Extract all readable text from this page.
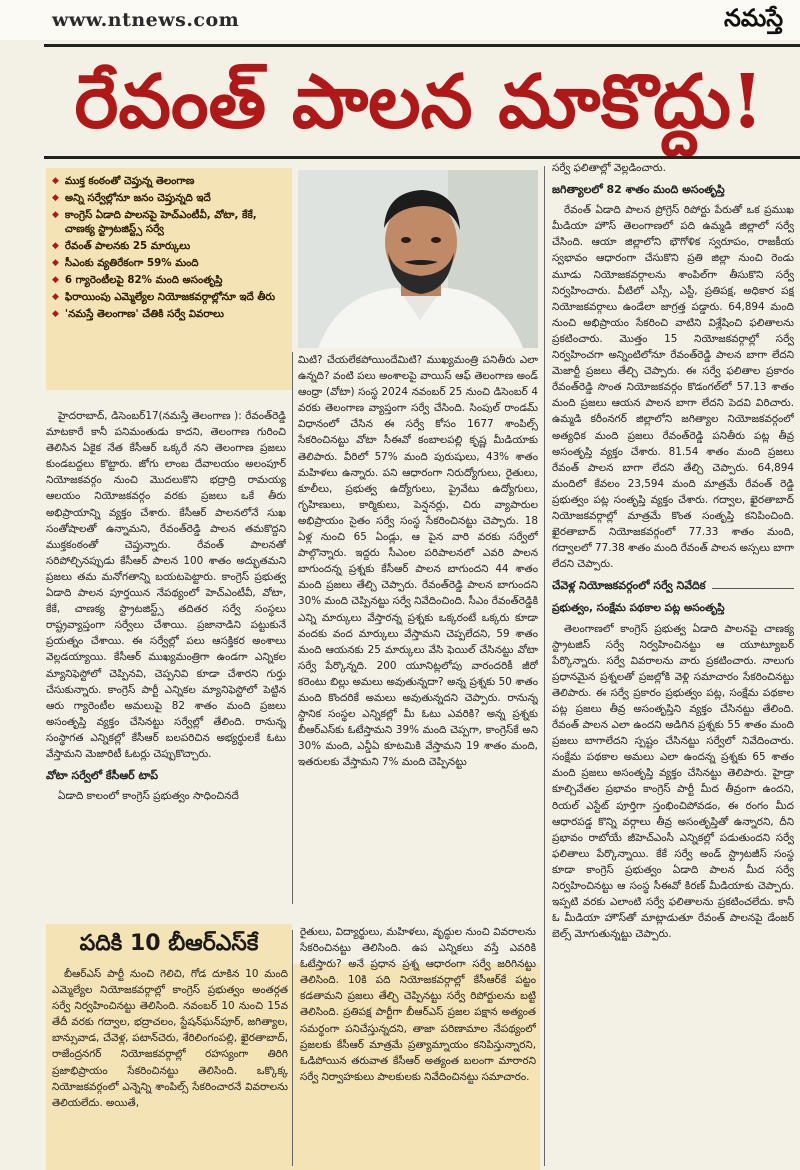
www.ntnews.com	నమస్తే
రేవంత్ పాలన మాకొద్దు!
◆ ముక్త కంఠంతో చెప్తున్న తెలంగాణ
◆ అన్ని సర్వేల్లోనూ జనం చెప్తున్నది ఇదే
◆ కాంగ్రెస్ ఏడాది పాలనపై హెచ్ఎంటీవీ, వోటా, కేకే, చాణక్య స్ట్రాటజిస్ట్స్ సర్వే
◆ రేవంత్ పాలనకు 25 మార్కులు
◆ సీఎంకు వ్యతిరేకంగా 59% మంది
◆ 6 గ్యారెంటీలపై 82% మంది అసంతృప్తి
◆ ఫిరాయింపు ఎమ్మెల్యేల నియోజకవర్గాల్లోనూ ఇదే తీరు
◆ 'నమస్తే తెలంగాణ' చేతికి సర్వే వివరాలు

హైదరాబాద్, డిసెంబర్17(నమస్తే తెలంగాణ ): రేవంత్‌రెడ్డి మాటకారే కానీ పనిమంతుడు కాదని, తెలంగాణ గురించి తెలిసిన ఏకైక నేత కేసీఆర్ ఒక్కరే నని తెలంగాణ ప్రజలు కుండబద్దలు కొట్టారు. జోగు లాంబ దేవాలయం అలంపూర్ నియోజకవర్గం నుంచి మొదలుకొని భద్రాద్రి రామయ్య ఆలయం నియోజకవర్గం వరకు ప్రజలు ఒకే తీరు అభిప్రాయాన్ని వ్యక్తం చేశారు. కేసీఆర్ పాలనలోనే సుఖ సంతోషాలతో ఉన్నామని, రేవంత్‌రెడ్డి పాలన తమకొద్దని ముక్తకంఠంతో చెప్తున్నారు. రేవంత్ పాలనతో సరిపోల్చినప్పుడు కేసీఆర్ పాలన 100 శాతం అద్భుతమని ప్రజలు తమ మనోగతాన్ని బయటపెట్టారు. కాంగ్రెస్ ప్రభుత్వ ఏడాది పాలన పూర్తయిన నేపథ్యంలో హెచ్ఎంటీవీ, వోటా, కేకే, చాణక్య స్ట్రాటజిస్ట్స్ తదితర సర్వే సంస్థలు రాష్ట్రవ్యాప్తంగా సర్వేలు చేశాయి. ప్రజానాడిని పట్టుకునే ప్రయత్నం చేశాయి. ఈ సర్వేల్లో పలు ఆసక్తికర అంశాలు వెల్లడయ్యాయి. కేసీఆర్ ముఖ్యమంత్రిగా ఉండగా ఎన్నికల మ్యానిఫెస్టోలో చెప్పినవి, చెప్పనివి కూడా చేశారని గుర్తు చేసుకున్నారు. కాంగ్రెస్ పార్టీ ఎన్నికల మ్యానిఫెస్టోలో పెట్టిన ఆరు గ్యారెంటీల అమలుపై 82 శాతం మంది ప్రజలు అసంతృప్తి వ్యక్తం చేసినట్టు సర్వేల్లో తేలింది. రానున్న సంస్థాగత ఎన్నికల్లో కేసీఆర్ బలపరిచిన అభ్యర్థులకే ఓటు వేస్తామని మెజారిటీ ఓటర్లు చెప్పుకొచ్చారు.

వోటా సర్వేలో కేసీఆర్ టాప్

ఏడాది కాలంలో కాంగ్రెస్ ప్రభుత్వం సాధించినదే

మిటి? చేయలేకపోయిందేమిటి? ముఖ్యమంత్రి పనితీరు ఎలా ఉన్నది? వంటి పలు అంశాలపై వాయిస్ ఆఫ్ తెలంగాణ అండ్ ఆంధ్రా (వోటా) సంస్థ 2024 నవంబర్ 25 నుంచి డిసెంబర్ 4 వరకు తెలంగాణ వ్యాప్తంగా సర్వే చేసింది. సింపుల్ రాండమ్ విధానంలో చేసిన ఈ సర్వే కోసం 1677 శాంపిల్స్ సేకరించినట్టు వోటా సీఈవో కంబాలపల్లి కృష్ణ మీడియాకు తెలిపారు. వీరిలో 57% మంది పురుషులు, 43% శాతం మహిళలు ఉన్నారు. పని ఆధారంగా నిరుద్యోగులు, రైతులు, కూలీలు, ప్రభుత్వ ఉద్యోగులు, ప్రైవేటు ఉద్యోగులు, గృహిణులు, కార్మికులు, పెన్షనర్లు, చిరు వ్యాపారుల అభిప్రాయం సైతం సర్వే సంస్థ సేకరించినట్టు చెప్పారు. 18 ఏళ్ల నుంచి 65 ఏండ్లు, ఆ పైన వారి వరకు సర్వేలో పాల్గొన్నారు. ఇద్దరు సీఎంల పరిపాలనలో ఎవరి పాలన బాగుందన్న ప్రశ్నకు కేసీఆర్ పాలన బాగుందని 44 శాతం మంది ప్రజలు తేల్చి చెప్పారు. రేవంత్‌రెడ్డి పాలన బాగుందని 30% మంది చెప్పినట్టు సర్వే నివేదించింది. సీఎం రేవంత్‌రెడ్డికి ఎన్ని మార్కులు వేస్తారన్న ప్రశ్నకు ఒక్కరంటే ఒక్కరు కూడా వందకు వంద మార్కులు వేస్తామని చెప్పలేదని, 59 శాతం మంది ఆయనకు 25 మార్కులు వేసి ఫెయిల్ చేసినట్టు వోటా సర్వే పేర్కొన్నది. 200 యూనిట్లలోపు వారందరికీ జీరో కరెంటు బిల్లు అమలు అవుతున్నదా? అన్న ప్రశ్నకు 50 శాతం మంది కొందరికే అమలు అవుతున్నదని చెప్పారు. రానున్న స్థానిక సంస్థల ఎన్నికల్లో మీ ఓటు ఎవరికి? అన్న ప్రశ్నకు బీఆర్ఎస్‌కు ఓటేస్తామని 39% మంది చెప్పగా, కాంగ్రెస్‌కే అని 30% మంది, ఎన్డీఏ కూటమికి వేస్తామని 19 శాతం మంది, ఇతరులకు వేస్తామని 7% మంది చెప్పినట్టు

సర్వే ఫలితాల్లో వెల్లడించారు.

జగిత్యాలలో 82 శాతం మంది అసంతృప్తి

రేవంత్ ఏడాది పాలన ప్రోగ్రెస్ రిపోర్టు పేరుతో ఒక ప్రముఖ మీడియా హౌస్ తెలంగాణలో పది ఉమ్మడి జిల్లాలో సర్వే చేసింది. ఆయా జిల్లాలోని భౌగోళిక స్వరూపం, రాజకీయ స్వభావం ఆధారంగా చేసుకొని ప్రతి జిల్లా నుంచి రెండు మూడు నియోజకవర్గాలను శాంపిల్‌గా తీసుకొని సర్వే నిర్వహించారు. వీటిలో ఎస్సీ, ఎస్టీ, ప్రతిపక్ష, అధికార పక్ష నియోజకవర్గాలు ఉండేలా జాగ్రత్త పడ్డారు. 64,894 మంది నుంచి అభిప్రాయం సేకరించి వాటిని విశ్లేషించి ఫలితాలను ప్రకటించారు. మొత్తం 15 నియోజకవర్గాల్లో సర్వే నిర్వహించగా అన్నింటిలోనూ రేవంత్‌రెడ్డి పాలన బాగా లేదని మెజార్టీ ప్రజలు తేల్చి చెప్పారు. ఈ సర్వే ఫలితాల ప్రకారం రేవంత్‌రెడ్డి సొంత నియోజకవర్గం కొడంగల్‌లో 57.13 శాతం మంది ప్రజలు ఆయన పాలన బాగా లేదని పెదవి విరిచారు. ఉమ్మడి కరీంనగర్ జిల్లాలోని జగిత్యాల నియోజకవర్గంలో అత్యధిక మంది ప్రజలు రేవంత్‌రెడ్డి పనితీరు పట్ల తీవ్ర అసంతృప్తి వ్యక్తం చేశారు. 81.54 శాతం మంది ప్రజలు రేవంత్ పాలన బాగా లేదని తేల్చి చెప్పారు. 64,894 మందిలో కేవలం 23,594 మంది మాత్రమే రేవంత్ రెడ్డి ప్రభుత్వం పట్ల సంతృప్తి వ్యక్తం చేశారు. గద్వాల, ఖైరతాబాద్ నియోజకవర్గాల్లో మాత్రమే కొంత సంతృప్తి కనిపించింది. ఖైరతాబాద్ నియోజకవర్గంలో 77.33 శాతం మంది, గద్వాలలో 77.38 శాతం మంది రేవంత్ పాలన అస్సలు బాగా లేదని చెప్పారు.

చేవెళ్ల నియోజకవర్గంలో సర్వే నివేదిక
ప్రభుత్వం, సంక్షేమ పథకాల పట్ల అసంతృప్తి

తెలంగాణలో కాంగ్రెస్ ప్రభుత్వ ఏడాది పాలనపై చాణక్య స్ట్రాటజిస్ సర్వే నిర్వహించినట్టు ఆ యూట్యూబర్ పేర్కొన్నారు. సర్వే వివరాలను వారు ప్రకటించారు. నాలుగు ప్రధానమైన ప్రశ్నలతో ప్రజల్లోకి వెళ్లి సమాచారం సేకరించినట్టు తెలిపారు. ఈ సర్వే ప్రకారం ప్రభుత్వం పట్ల, సంక్షేమ పథకాల పట్ల ప్రజలు తీవ్ర అసంతృప్తిని వ్యక్తం చేసినట్టు తేలింది. రేవంత్ పాలన ఎలా ఉందని అడిగిన ప్రశ్నకు 55 శాతం మంది ప్రజలు బాగాలేదని స్పష్టం చేసినట్టు సర్వేలో నివేదించారు. సంక్షేమ పథకాల అమలు ఎలా ఉందన్న ప్రశ్నకు 65 శాతం మంది ప్రజలు అసంతృప్తి వ్యక్తం చేసినట్టు తెలిపారు. హైడ్రా కూల్చివేతల ప్రభావం కాంగ్రెస్ పార్టీ మీద తీవ్రంగా ఉందని, రియల్ ఎస్టేట్ పూర్తిగా స్తంభించిపోవడం, ఈ రంగం మీద ఆధారపడ్డ కొన్ని వర్గాలు తీవ్ర అసంతృప్తితో ఉన్నారని, దీని ప్రభావం రాబోయే జీహెచ్ఎంసీ ఎన్నికల్లో పడుతుందని సర్వే ఫలితాలు పేర్కొన్నాయి. కేకే సర్వే అండ్ స్ట్రాటజీస్ సంస్థ కూడా కాంగ్రెస్ ప్రభుత్వం ఏడాది పాలన మీద సర్వే నిర్వహించినట్టు ఆ సంస్థ సీఈవో కిరణ్ మీడియాకు చెప్పారు. ఇప్పటి వరకు ఎలాంటి సర్వే ఫలితాలను ప్రకటించలేదు. కానీ ఓ మీడియా హౌస్‌తో మాట్లాడుతూ రేవంత్ పాలనపై డేంజర్ బెల్స్ మోగుతున్నట్టు చెప్పారు.

పదికి 10 బీఆర్ఎస్‌కే

బీఆర్ఎస్ పార్టీ నుంచి గెలిచి, గోడ దూకిన 10 మంది ఎమ్మెల్యేల నియోజకవర్గాల్లో కాంగ్రెస్ ప్రభుత్వం అంతర్గత సర్వే నిర్వహించినట్టు తెలిసింది. నవంబర్ 10 నుంచి 15వ తేదీ వరకు గద్వాల, భద్రాచలం, స్టేషన్‌ఘన్‌పూర్, జగిత్యాల, బాన్సువాడ, చేవెళ్ల, పటాన్‌చెరు, శేరిలింగంపల్లి, ఖైరతాబాద్, రాజేంద్రనగర్ నియోజకవర్గాల్లో రహస్యంగా తిరిగి ప్రజాభిప్రాయం సేకరించినట్టు తెలిసింది. ఒక్కొక్క నియోజకవర్గంలో ఎన్నెన్ని శాంపిల్స్ సేకరించారనే వివరాలను తెలియలేదు. అయితే,

రైతులు, విద్యార్థులు, మహిళలు, వృద్ధుల నుంచి వివరాలను సేకరించినట్టు తెలిసింది. ఉప ఎన్నికలు వస్తే ఎవరికి ఓటేస్తారు? అనే ప్రధాన ప్రశ్న ఆధారంగా సర్వే జరిగినట్టు తెలిసింది. 10కి పది నియోజకవర్గాల్లో కేసీఆర్‌కే పట్టం కడతామని ప్రజలు తేల్చి చెప్పినట్టు సర్వే రిపోర్టులను బట్టి తెలిసింది. ప్రతిపక్ష పార్టీగా బీఆర్ఎస్ ప్రజల పక్షాన అత్యంత సమర్థంగా పనిచేస్తున్నదని, తాజా పరిణామాల నేపథ్యంలో ప్రజలకు కేసీఆర్ మాత్రమే ప్రత్యామ్నాయం కనిపిస్తున్నారని, ఓడిపోయిన తరువాత కేసీఆర్ అత్యంత బలంగా మారారని సర్వే నిర్వాహకులు పాలకులకు నివేదించినట్టు సమాచారం.
